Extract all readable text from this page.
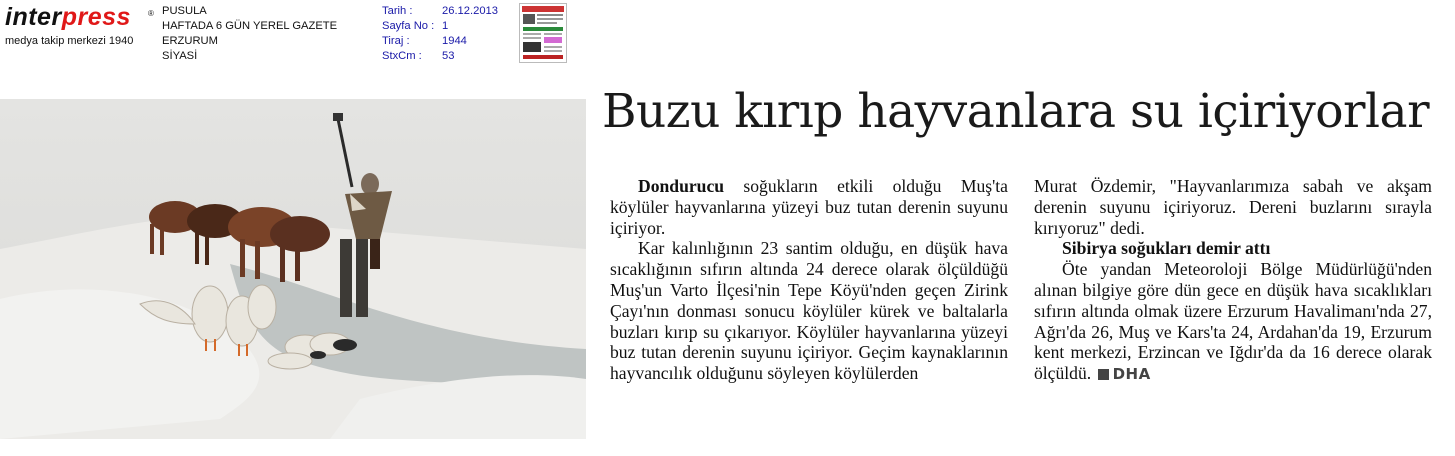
interpress	®
medya takip merkezi 1940
PUSULA
HAFTADA 6 GÜN YEREL GAZETE
ERZURUM
SİYASİ
Tarih :
Sayfa No :
Tiraj :
StxCm :
26.12.2013
1
1944
53
Buzu kırıp hayvanlara su içiriyorlar

Dondurucu soğukların etkili olduğu Muş'ta köylüler hayvanlarına yüzeyi buz tutan derenin suyunu içiriyor.

Kar kalınlığının 23 santim olduğu, en düşük hava sıcaklığının sıfırın altında 24 derece olarak ölçüldüğü Muş'un Varto İlçesi'nin Tepe Köyü'nden geçen Zirink Çayı'nın donması sonucu köylüler kürek ve baltalarla buzları kırıp su çıkarıyor. Köylüler hayvanlarına yüzeyi buz tutan derenin suyunu içiriyor. Geçim kaynaklarının hayvancılık olduğunu söyleyen köylülerden

Murat Özdemir, "Hayvanlarımıza sabah ve akşam derenin suyunu içiriyoruz. Dereni buzlarını sırayla kırıyoruz" dedi.

Sibirya soğukları demir attı

Öte yandan Meteoroloji Bölge Müdürlüğü'nden alınan bilgiye göre dün gece en düşük hava sıcaklıkları sıfırın altında olmak üzere Erzurum Havalimanı'nda 27, Ağrı'da 26, Muş ve Kars'ta 24, Ardahan'da 19, Erzurum kent merkezi, Erzincan ve Iğdır'da da 16 derece olarak ölçüldü. DHA
